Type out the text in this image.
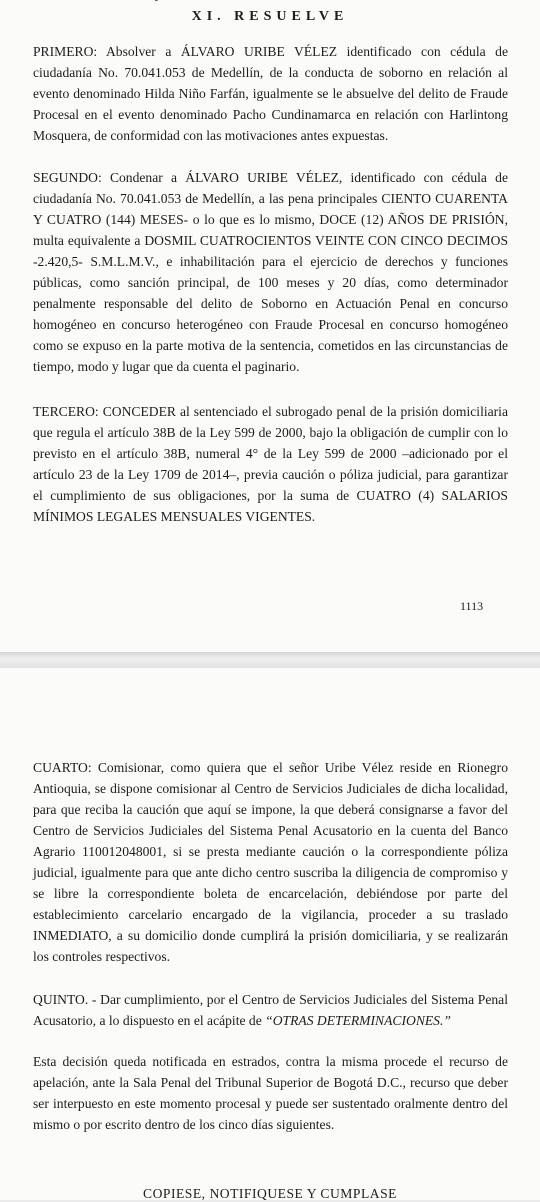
XI. RESUELVE

PRIMERO: Absolver a ÁLVARO URIBE VÉLEZ identificado con cédula de ciudadanía No. 70.041.053 de Medellín, de la conducta de soborno en relación al evento denominado Hilda Niño Farfán, igualmente se le absuelve del delito de Fraude Procesal en el evento denominado Pacho Cundinamarca en relación con Harlintong Mosquera, de conformidad con las motivaciones antes expuestas.

SEGUNDO: Condenar a ÁLVARO URIBE VÉLEZ, identificado con cédula de ciudadanía No. 70.041.053 de Medellín, a las pena principales CIENTO CUARENTA Y CUATRO (144) MESES- o lo que es lo mismo, DOCE (12) AÑOS DE PRISIÓN, multa equivalente a DOSMIL CUATROCIENTOS VEINTE CON CINCO DECIMOS -2.420,5- S.M.L.M.V., e inhabilitación para el ejercicio de derechos y funciones públicas, como sanción principal, de 100 meses y 20 días, como determinador penalmente responsable del delito de Soborno en Actuación Penal en concurso homogéneo en concurso heterogéneo con Fraude Procesal en concurso homogéneo como se expuso en la parte motiva de la sentencia, cometidos en las circunstancias de tiempo, modo y lugar que da cuenta el paginario.

TERCERO: CONCEDER al sentenciado el subrogado penal de la prisión domiciliaria que regula el artículo 38B de la Ley 599 de 2000, bajo la obligación de cumplir con lo previsto en el artículo 38B, numeral 4° de la Ley 599 de 2000 –adicionado por el artículo 23 de la Ley 1709 de 2014–, previa caución o póliza judicial, para garantizar el cumplimiento de sus obligaciones, por la suma de CUATRO (4) SALARIOS MÍNIMOS LEGALES MENSUALES VIGENTES.

1113

CUARTO: Comisionar, como quiera que el señor Uribe Vélez reside en Rionegro Antioquia, se dispone comisionar al Centro de Servicios Judiciales de dicha localidad, para que reciba la caución que aquí se impone, la que deberá consignarse a favor del Centro de Servicios Judiciales del Sistema Penal Acusatorio en la cuenta del Banco Agrario 110012048001, si se presta mediante caución o la correspondiente póliza judicial, igualmente para que ante dicho centro suscriba la diligencia de compromiso y se libre la correspondiente boleta de encarcelación, debiéndose por parte del establecimiento carcelario encargado de la vigilancia, proceder a su traslado INMEDIATO, a su domicilio donde cumplirá la prisión domiciliaria, y se realizarán los controles respectivos.

QUINTO. - Dar cumplimiento, por el Centro de Servicios Judiciales del Sistema Penal Acusatorio, a lo dispuesto en el acápite de “OTRAS DETERMINACIONES.”

Esta decisión queda notificada en estrados, contra la misma procede el recurso de apelación, ante la Sala Penal del Tribunal Superior de Bogotá D.C., recurso que deber ser interpuesto en este momento procesal y puede ser sustentado oralmente dentro del mismo o por escrito dentro de los cinco días siguientes.

COPIESE, NOTIFIQUESE Y CUMPLASE
